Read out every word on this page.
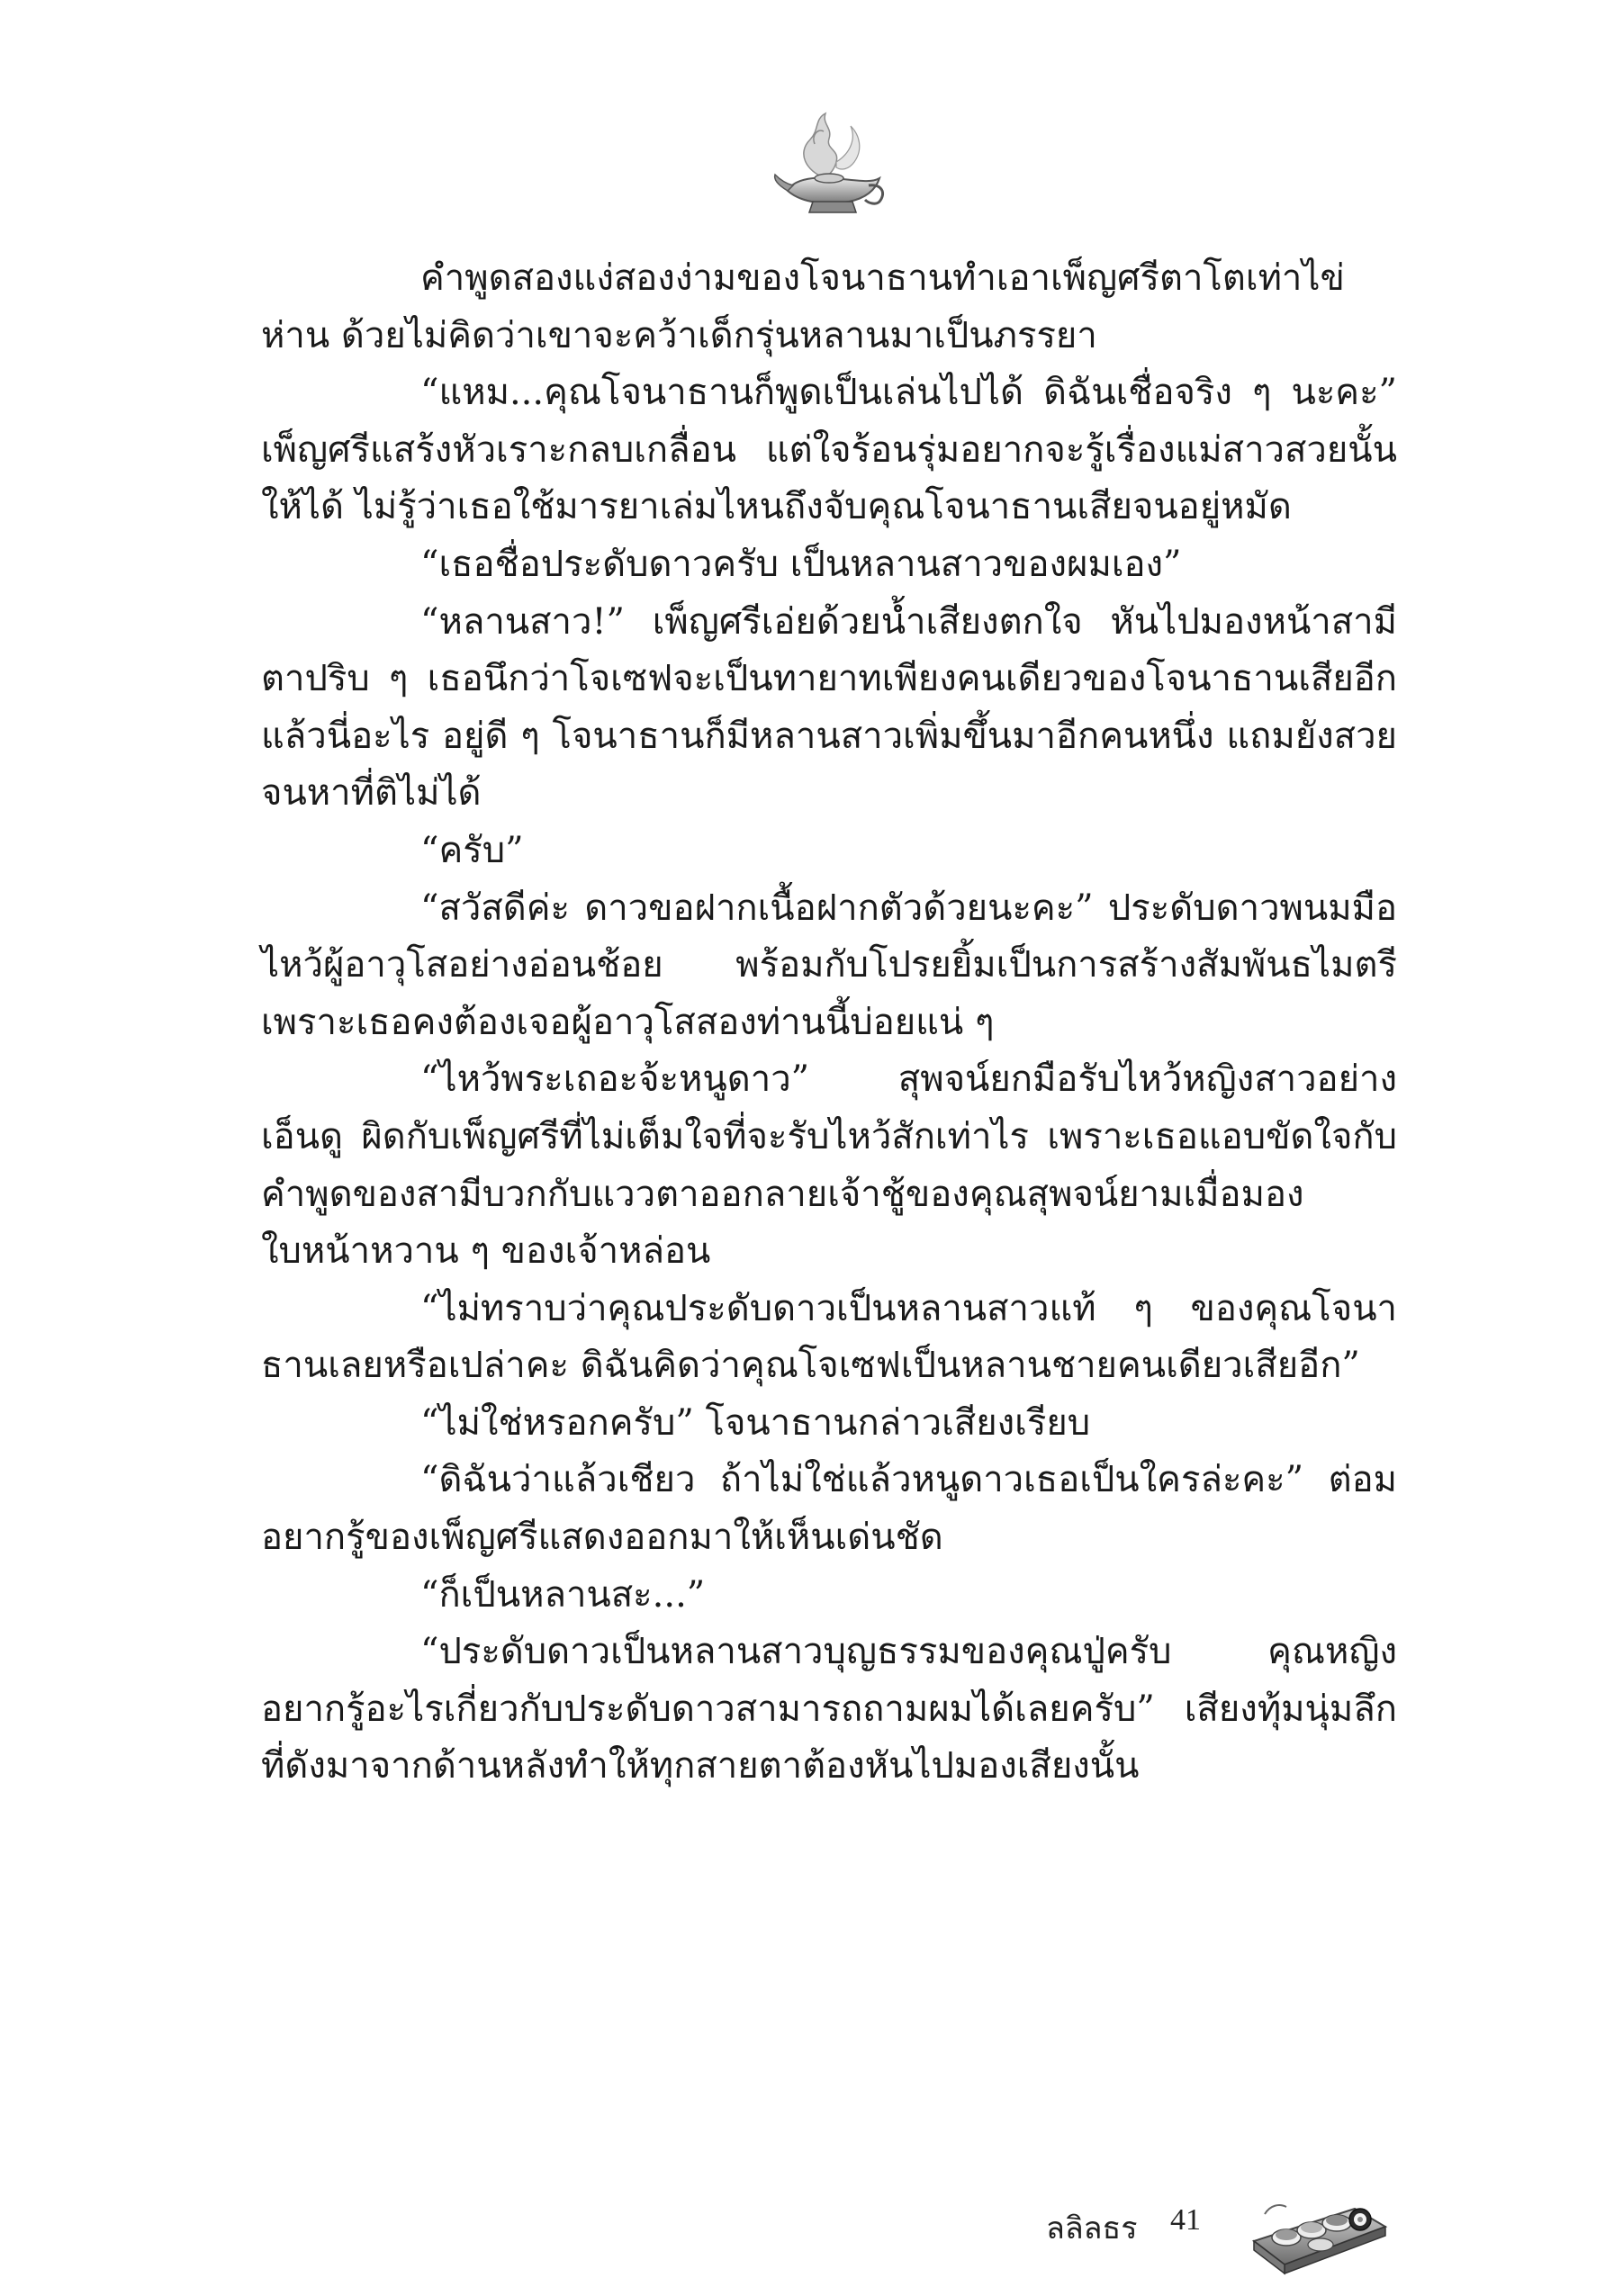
คำพูดสองแง่สองง่ามของโจนาธานทำเอาเพ็ญศรีตาโตเท่าไข่ห่าน ด้วยไม่คิดว่าเขาจะคว้าเด็กรุ่นหลานมาเป็นภรรยา

“แหม...คุณโจนาธานก็พูดเป็นเล่นไปได้ ดิฉันเชื่อจริง ๆ นะคะ” เพ็ญศรีแสร้งหัวเราะกลบเกลื่อน แต่ใจร้อนรุ่มอยากจะรู้เรื่องแม่สาวสวยนั้นให้ได้ ไม่รู้ว่าเธอใช้มารยาเล่มไหนถึงจับคุณโจนาธานเสียจนอยู่หมัด

“เธอชื่อประดับดาวครับ เป็นหลานสาวของผมเอง”

“หลานสาว!” เพ็ญศรีเอ่ยด้วยน้ำเสียงตกใจ หันไปมองหน้าสามีตาปริบ ๆ เธอนึกว่าโจเซฟจะเป็นทายาทเพียงคนเดียวของโจนาธานเสียอีก แล้วนี่อะไร อยู่ดี ๆ โจนาธานก็มีหลานสาวเพิ่มขึ้นมาอีกคนหนึ่ง แถมยังสวยจนหาที่ติไม่ได้

“ครับ”

“สวัสดีค่ะ ดาวขอฝากเนื้อฝากตัวด้วยนะคะ” ประดับดาวพนมมือไหว้ผู้อาวุโสอย่างอ่อนช้อย พร้อมกับโปรยยิ้มเป็นการสร้างสัมพันธไมตรี เพราะเธอคงต้องเจอผู้อาวุโสสองท่านนี้บ่อยแน่ ๆ

“ไหว้พระเถอะจ้ะหนูดาว” สุพจน์ยกมือรับไหว้หญิงสาวอย่างเอ็นดู ผิดกับเพ็ญศรีที่ไม่เต็มใจที่จะรับไหว้สักเท่าไร เพราะเธอแอบขัดใจกับคำพูดของสามีบวกกับแววตาออกลายเจ้าชู้ของคุณสุพจน์ยามเมื่อมองใบหน้าหวาน ๆ ของเจ้าหล่อน

“ไม่ทราบว่าคุณประดับดาวเป็นหลานสาวแท้ ๆ ของคุณโจนาธานเลยหรือเปล่าคะ ดิฉันคิดว่าคุณโจเซฟเป็นหลานชายคนเดียวเสียอีก”

“ไม่ใช่หรอกครับ” โจนาธานกล่าวเสียงเรียบ

“ดิฉันว่าแล้วเชียว ถ้าไม่ใช่แล้วหนูดาวเธอเป็นใครล่ะคะ” ต่อมอยากรู้ของเพ็ญศรีแสดงออกมาให้เห็นเด่นชัด

“ก็เป็นหลานสะ...”

“ประดับดาวเป็นหลานสาวบุญธรรมของคุณปู่ครับ คุณหญิงอยากรู้อะไรเกี่ยวกับประดับดาวสามารถถามผมได้เลยครับ” เสียงทุ้มนุ่มลึกที่ดังมาจากด้านหลังทำให้ทุกสายตาต้องหันไปมองเสียงนั้น

ลลิลธร 41
